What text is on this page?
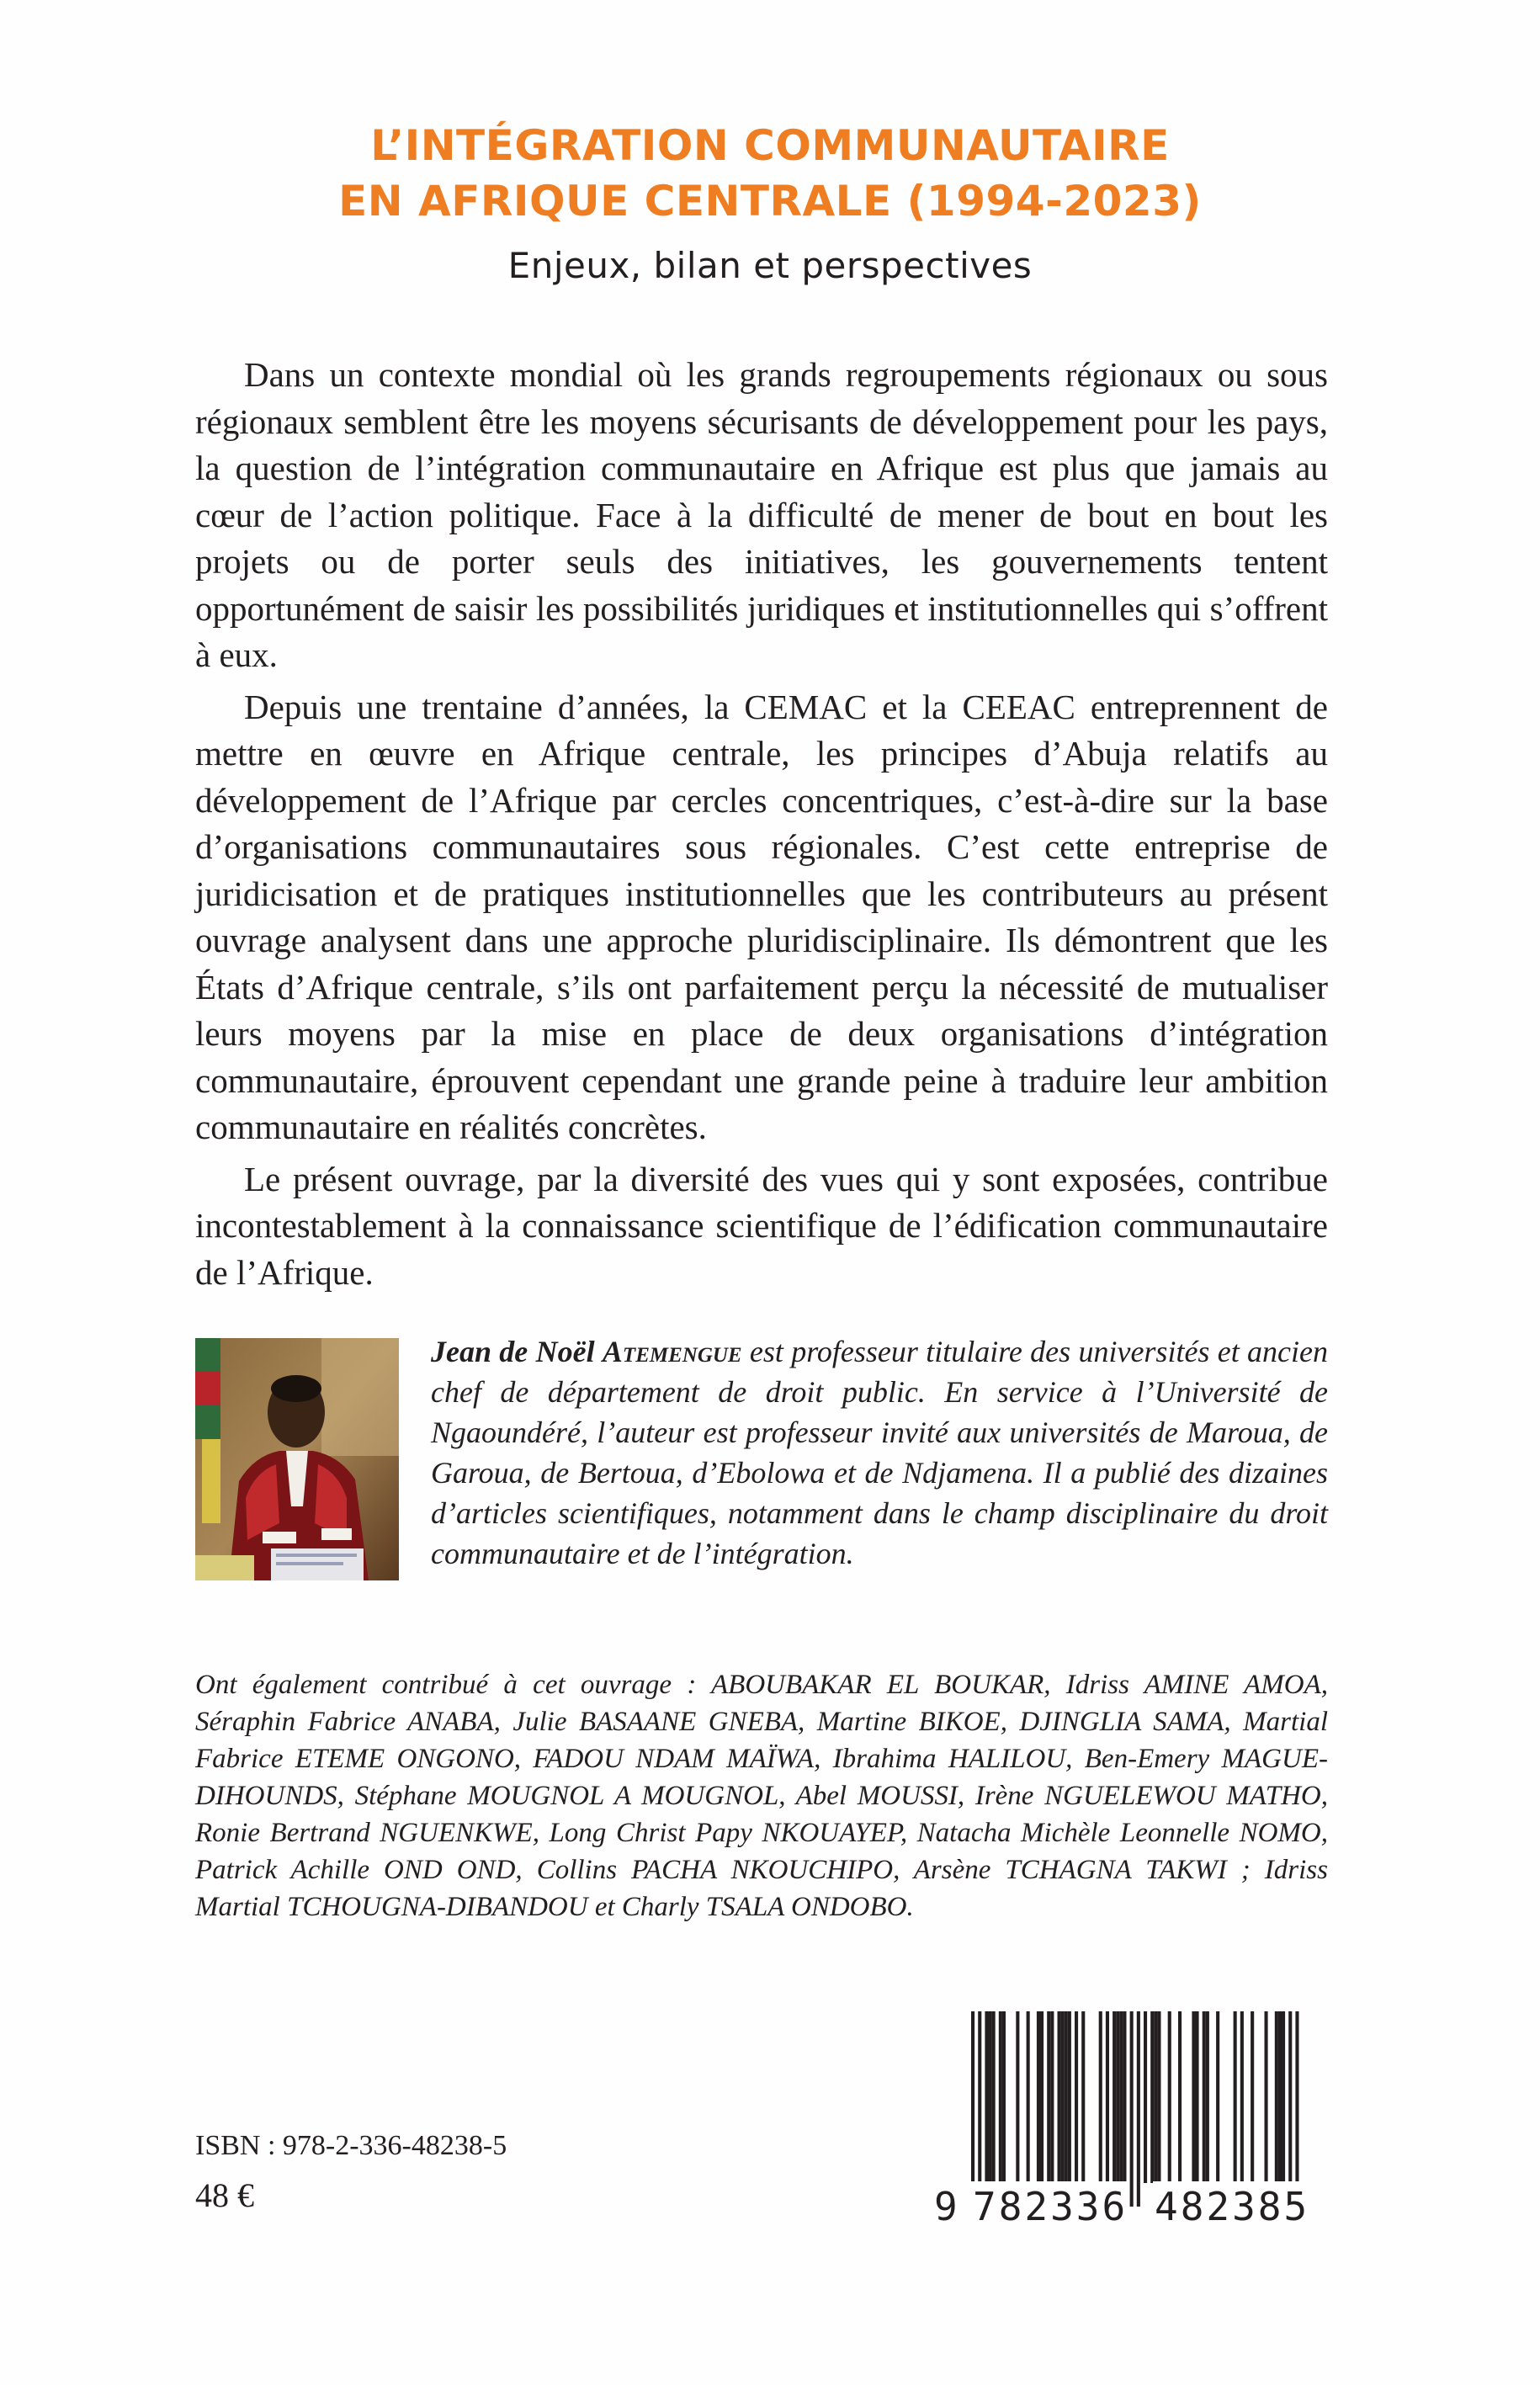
L’INTÉGRATION COMMUNAUTAIRE
EN AFRIQUE CENTRALE (1994-2023)
Enjeux, bilan et perspectives

Dans un contexte mondial où les grands regroupements régionaux ou sous régionaux semblent être les moyens sécurisants de développement pour les pays, la question de l’intégration communautaire en Afrique est plus que jamais au cœur de l’action politique. Face à la difficulté de mener de bout en bout les projets ou de porter seuls des initiatives, les gouvernements tentent opportunément de saisir les possibilités juridiques et institutionnelles qui s’offrent à eux.

Depuis une trentaine d’années, la CEMAC et la CEEAC entreprennent de mettre en œuvre en Afrique centrale, les principes d’Abuja relatifs au développement de l’Afrique par cercles concentriques, c’est-à-dire sur la base d’organisations communautaires sous régionales. C’est cette entreprise de juridicisation et de pratiques institutionnelles que les contributeurs au présent ouvrage analysent dans une approche pluridisciplinaire. Ils démontrent que les États d’Afrique centrale, s’ils ont parfaitement perçu la nécessité de mutualiser leurs moyens par la mise en place de deux organisations d’intégration communautaire, éprouvent cependant une grande peine à traduire leur ambition communautaire en réalités concrètes.

Le présent ouvrage, par la diversité des vues qui y sont exposées, contribue incontestablement à la connaissance scientifique de l’édification communautaire de l’Afrique.

Jean de Noël Atemengue est professeur titulaire des universités et ancien chef de département de droit public. En service à l’Université de Ngaoundéré, l’auteur est professeur invité aux universités de Maroua, de Garoua, de Bertoua, d’Ebolowa et de Ndjamena. Il a publié des dizaines d’articles scientifiques, notamment dans le champ disciplinaire du droit communautaire et de l’intégration.
Ont également contribué à cet ouvrage : ABOUBAKAR EL BOUKAR, Idriss AMINE AMOA, Séraphin Fabrice ANABA, Julie BASAANE GNEBA, Martine BIKOE, DJINGLIA SAMA, Martial Fabrice ETEME ONGONO, FADOU NDAM MAÏWA, Ibrahima HALILOU, Ben-Emery MAGUE-DIHOUNDS, Stéphane MOUGNOL A MOUGNOL, Abel MOUSSI, Irène NGUELEWOU MATHO, Ronie Bertrand NGUENKWE, Long Christ Papy NKOUAYEP, Natacha Michèle Leonnelle NOMO, Patrick Achille OND OND, Collins PACHA NKOUCHIPO, Arsène TCHAGNA TAKWI ; Idriss Martial TCHOUGNA-DIBANDOU et Charly TSALA ONDOBO.
ISBN : 978-2-336-48238-5
48 €	9 782336 482385
